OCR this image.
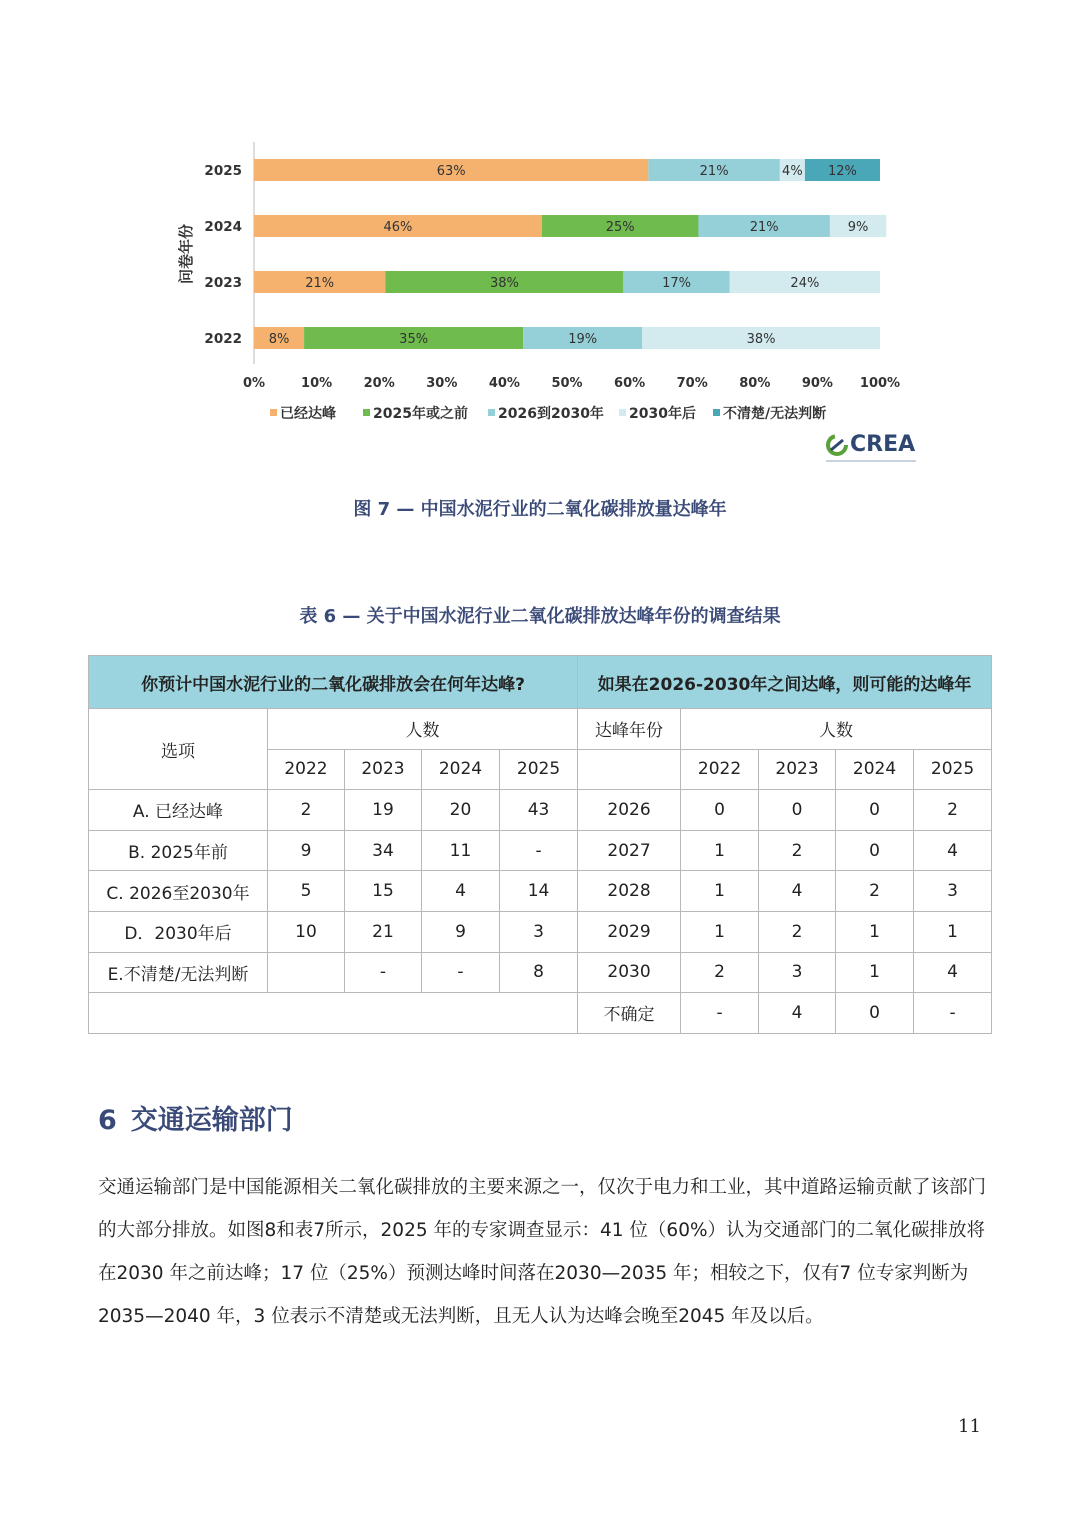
63%	21%	4% 12%
2025
46%	25%	21%	9%
2024
21%	38%	17%	24%
2023
8%	35%	19%	38%
2022
0%	10% 20% 30% 40% 50% 60% 70% 80% 90% 100%
问卷年份
已经达峰	2025年或之前 2026到2030年 2030年后 不清楚/无法判断
CREA
图 7 — 中国水泥行业的二氧化碳排放量达峰年
表 6 — 关于中国水泥行业二氧化碳排放达峰年份的调查结果
你预计中国水泥行业的二氧化碳排放会在何年达峰?					如果在2026-2030年之间达峰，则可能的达峰年				
选项	人数				达峰年份	人数			
	2022	2023	2024	2025		2022	2023	2024	2025
A. 已经达峰	2	19	20	43	2026	0	0	0	2
B. 2025年前	9	34	11	-	2027	1	2	0	4
C. 2026至2030年	5	15	4	14	2028	1	4	2	3
D．2030年后	10	21	9	3	2029	1	2	1	1
E.不清楚/无法判断		-	-	8	2030	2	3	1	4
					不确定	-	4	0	-
6 交通运输部门
交通运输部门是中国能源相关二氧化碳排放的主要来源之一，仅次于电力和工业，其中道路运输贡献了该部门的大部分排放。如图8和表7所示，2025 年的专家调查显示：41 位（60%）认为交通部门的二氧化碳排放将在2030 年之前达峰；17 位（25%）预测达峰时间落在2030—2035 年；相较之下，仅有7 位专家判断为2035—2040 年，3 位表示不清楚或无法判断，且无人认为达峰会晚至2045 年及以后。
11
